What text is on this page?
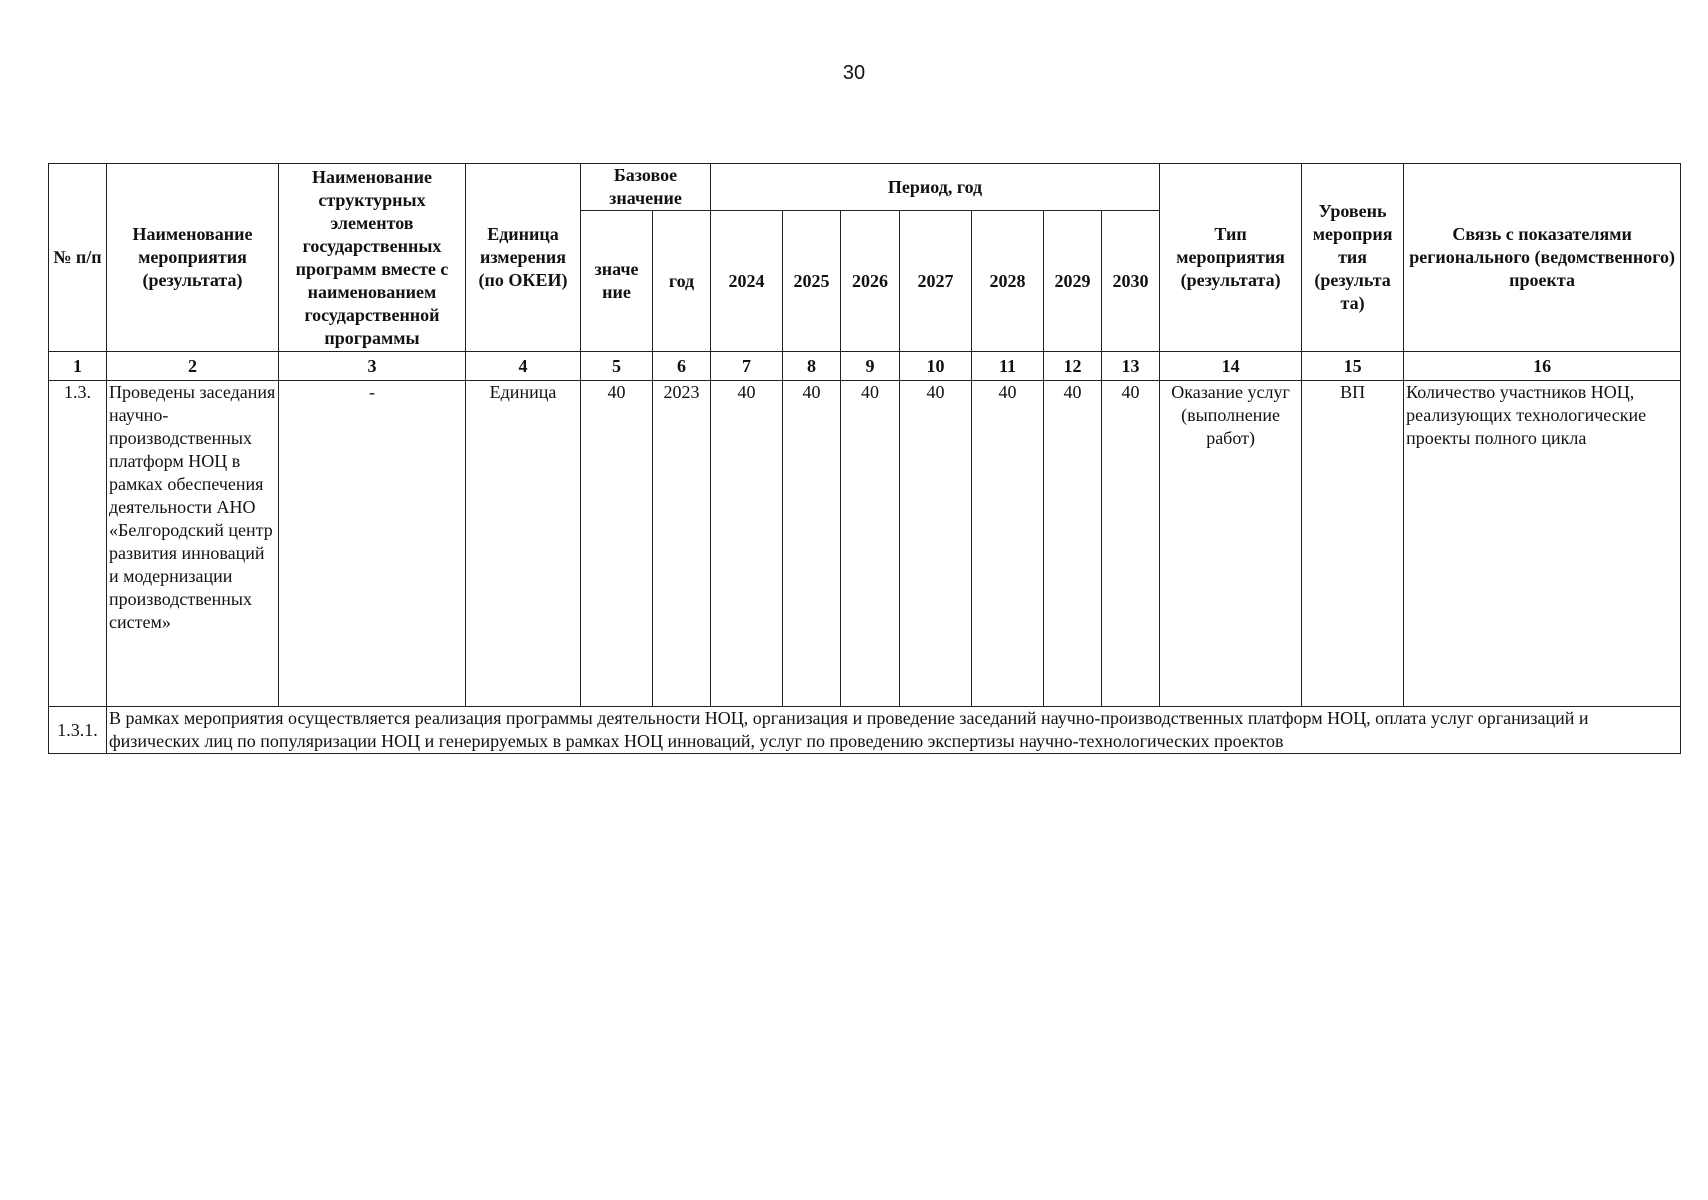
30
№ п/п	Наименование мероприятия (результата)	Наименование структурных элементов государственных программ вместе с наименованием государственной программы	Единица измерения (по ОКЕИ)	Базовое значение		Период, год							Тип мероприятия (результата)	Уровень мероприя тия (результа та)	Связь с показателями регионального (ведомственного) проекта
				значе ние	год	2024	2025	2026	2027	2028	2029	2030			
1	2	3	4	5	6	7	8	9	10	11	12	13	14	15	16
1.3.	Проведены заседания научно-производственных платформ НОЦ в рамках обеспечения деятельности АНО «Белгородский центр развития инноваций и модернизации производственных систем»	-	Единица	40	2023	40	40	40	40	40	40	40	Оказание услуг (выполнение работ)	ВП	Количество участников НОЦ, реализующих технологические проекты полного цикла
1.3.1.	В рамках мероприятия осуществляется реализация программы деятельности НОЦ, организация и проведение заседаний научно-производственных платформ НОЦ, оплата услуг организаций и физических лиц по популяризации НОЦ и генерируемых в рамках НОЦ инноваций, услуг по проведению экспертизы научно-технологических проектов														
